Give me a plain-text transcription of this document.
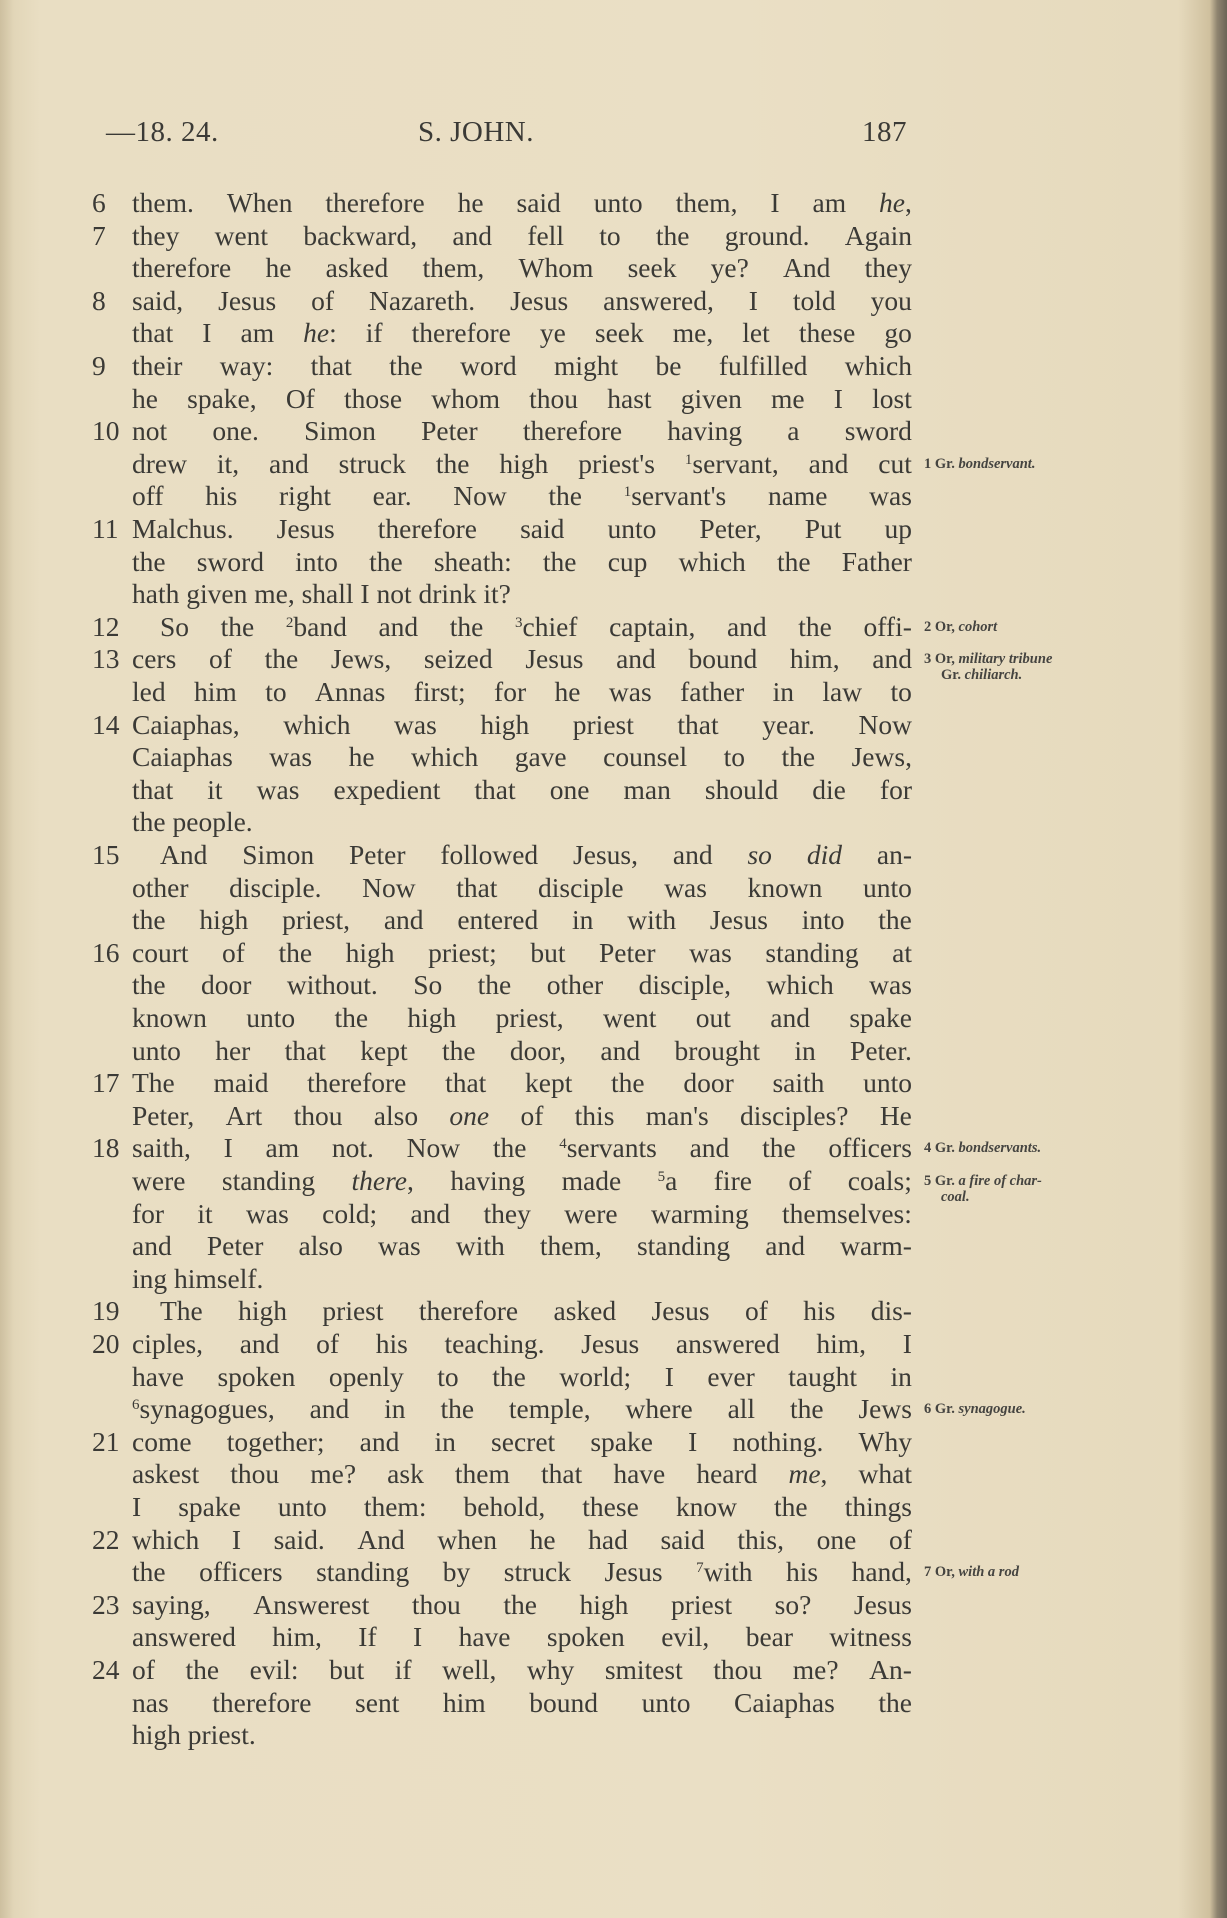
—18. 24.	S. JOHN.	187
6 them. When therefore he said unto them, I am he,
7 they went backward, and fell to the ground. Again
therefore he asked them, Whom seek ye? And they
8 said, Jesus of Nazareth. Jesus answered, I told you
that I am he: if therefore ye seek me, let these go
9 their way: that the word might be fulfilled which
he spake, Of those whom thou hast given me I lost
10 not one. Simon Peter therefore having a sword
drew it, and struck the high priest's $^1$servant, and cut 1 Gr. bondservant.
off his right ear. Now the	$^1$servant's name was
11 Malchus. Jesus therefore said unto Peter, Put up
the sword into the sheath: the cup which the Father
hath given me, shall I not drink it?
12	So the $^2$band and the $^3$chief captain, and the offi- 2 Or, cohort
13 cers of the Jews, seized Jesus and bound him, and 3 Or, military tribune
Gr. chiliarch.
led him to Annas first; for he was father in law to
14 Caiaphas, which was high priest that year. Now
Caiaphas was he which gave counsel to the Jews,
that it was expedient that one man should die for
the people.
15	And Simon Peter followed Jesus, and so did an-
other disciple. Now that disciple was known unto
the high priest, and entered in with Jesus into the
16 court of the high priest; but Peter was standing at
the door without. So the other disciple, which was
known unto the high priest, went out and spake
unto her that kept the door, and brought in Peter.
17 The maid therefore that kept the door saith unto
Peter, Art thou also one of this man's disciples? He
18 saith, I am not. Now the $^4$servants and the officers 4 Gr. bondservants.
were standing there, having made $^5$a fire of coals; 5 Gr. a fire of char-
coal.
for it was cold; and they were warming themselves:
and Peter also was with them, standing and warm-
ing himself.
19	The high priest therefore asked Jesus of his dis-
20 ciples, and of his teaching. Jesus answered him, I
have spoken openly to the world; I ever taught in
$^6$synagogues, and in the temple, where all the Jews 6 Gr. synagogue.
21 come together; and in secret spake I nothing. Why
askest thou me? ask them that have heard me, what
I spake unto them: behold, these know the things
22 which I said. And when he had said this, one of
the officers standing by struck Jesus $^7$with his hand, 7 Or, with a rod
23 saying, Answerest thou the high priest so? Jesus
answered him, If I have spoken evil, bear witness
24 of the evil: but if well, why smitest thou me? An-
nas therefore sent him bound unto Caiaphas the
high priest.
